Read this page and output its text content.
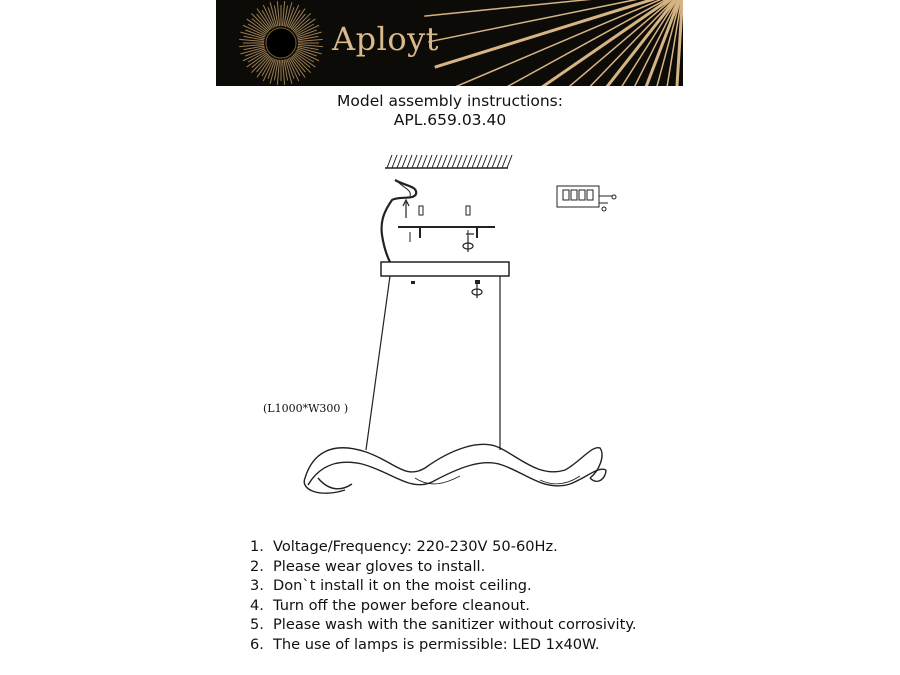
Aployt
Model assembly instructions:
APL.659.03.40
(L1000*W300 )
1. Voltage/Frequency: 220-230V 50-60Hz.
2. Please wear gloves to install.
3. Don`t install it on the moist ceiling.
4. Turn off the power before cleanout.
5. Please wash with the sanitizer without corrosivity.
6. The use of lamps is permissible: LED 1x40W.
